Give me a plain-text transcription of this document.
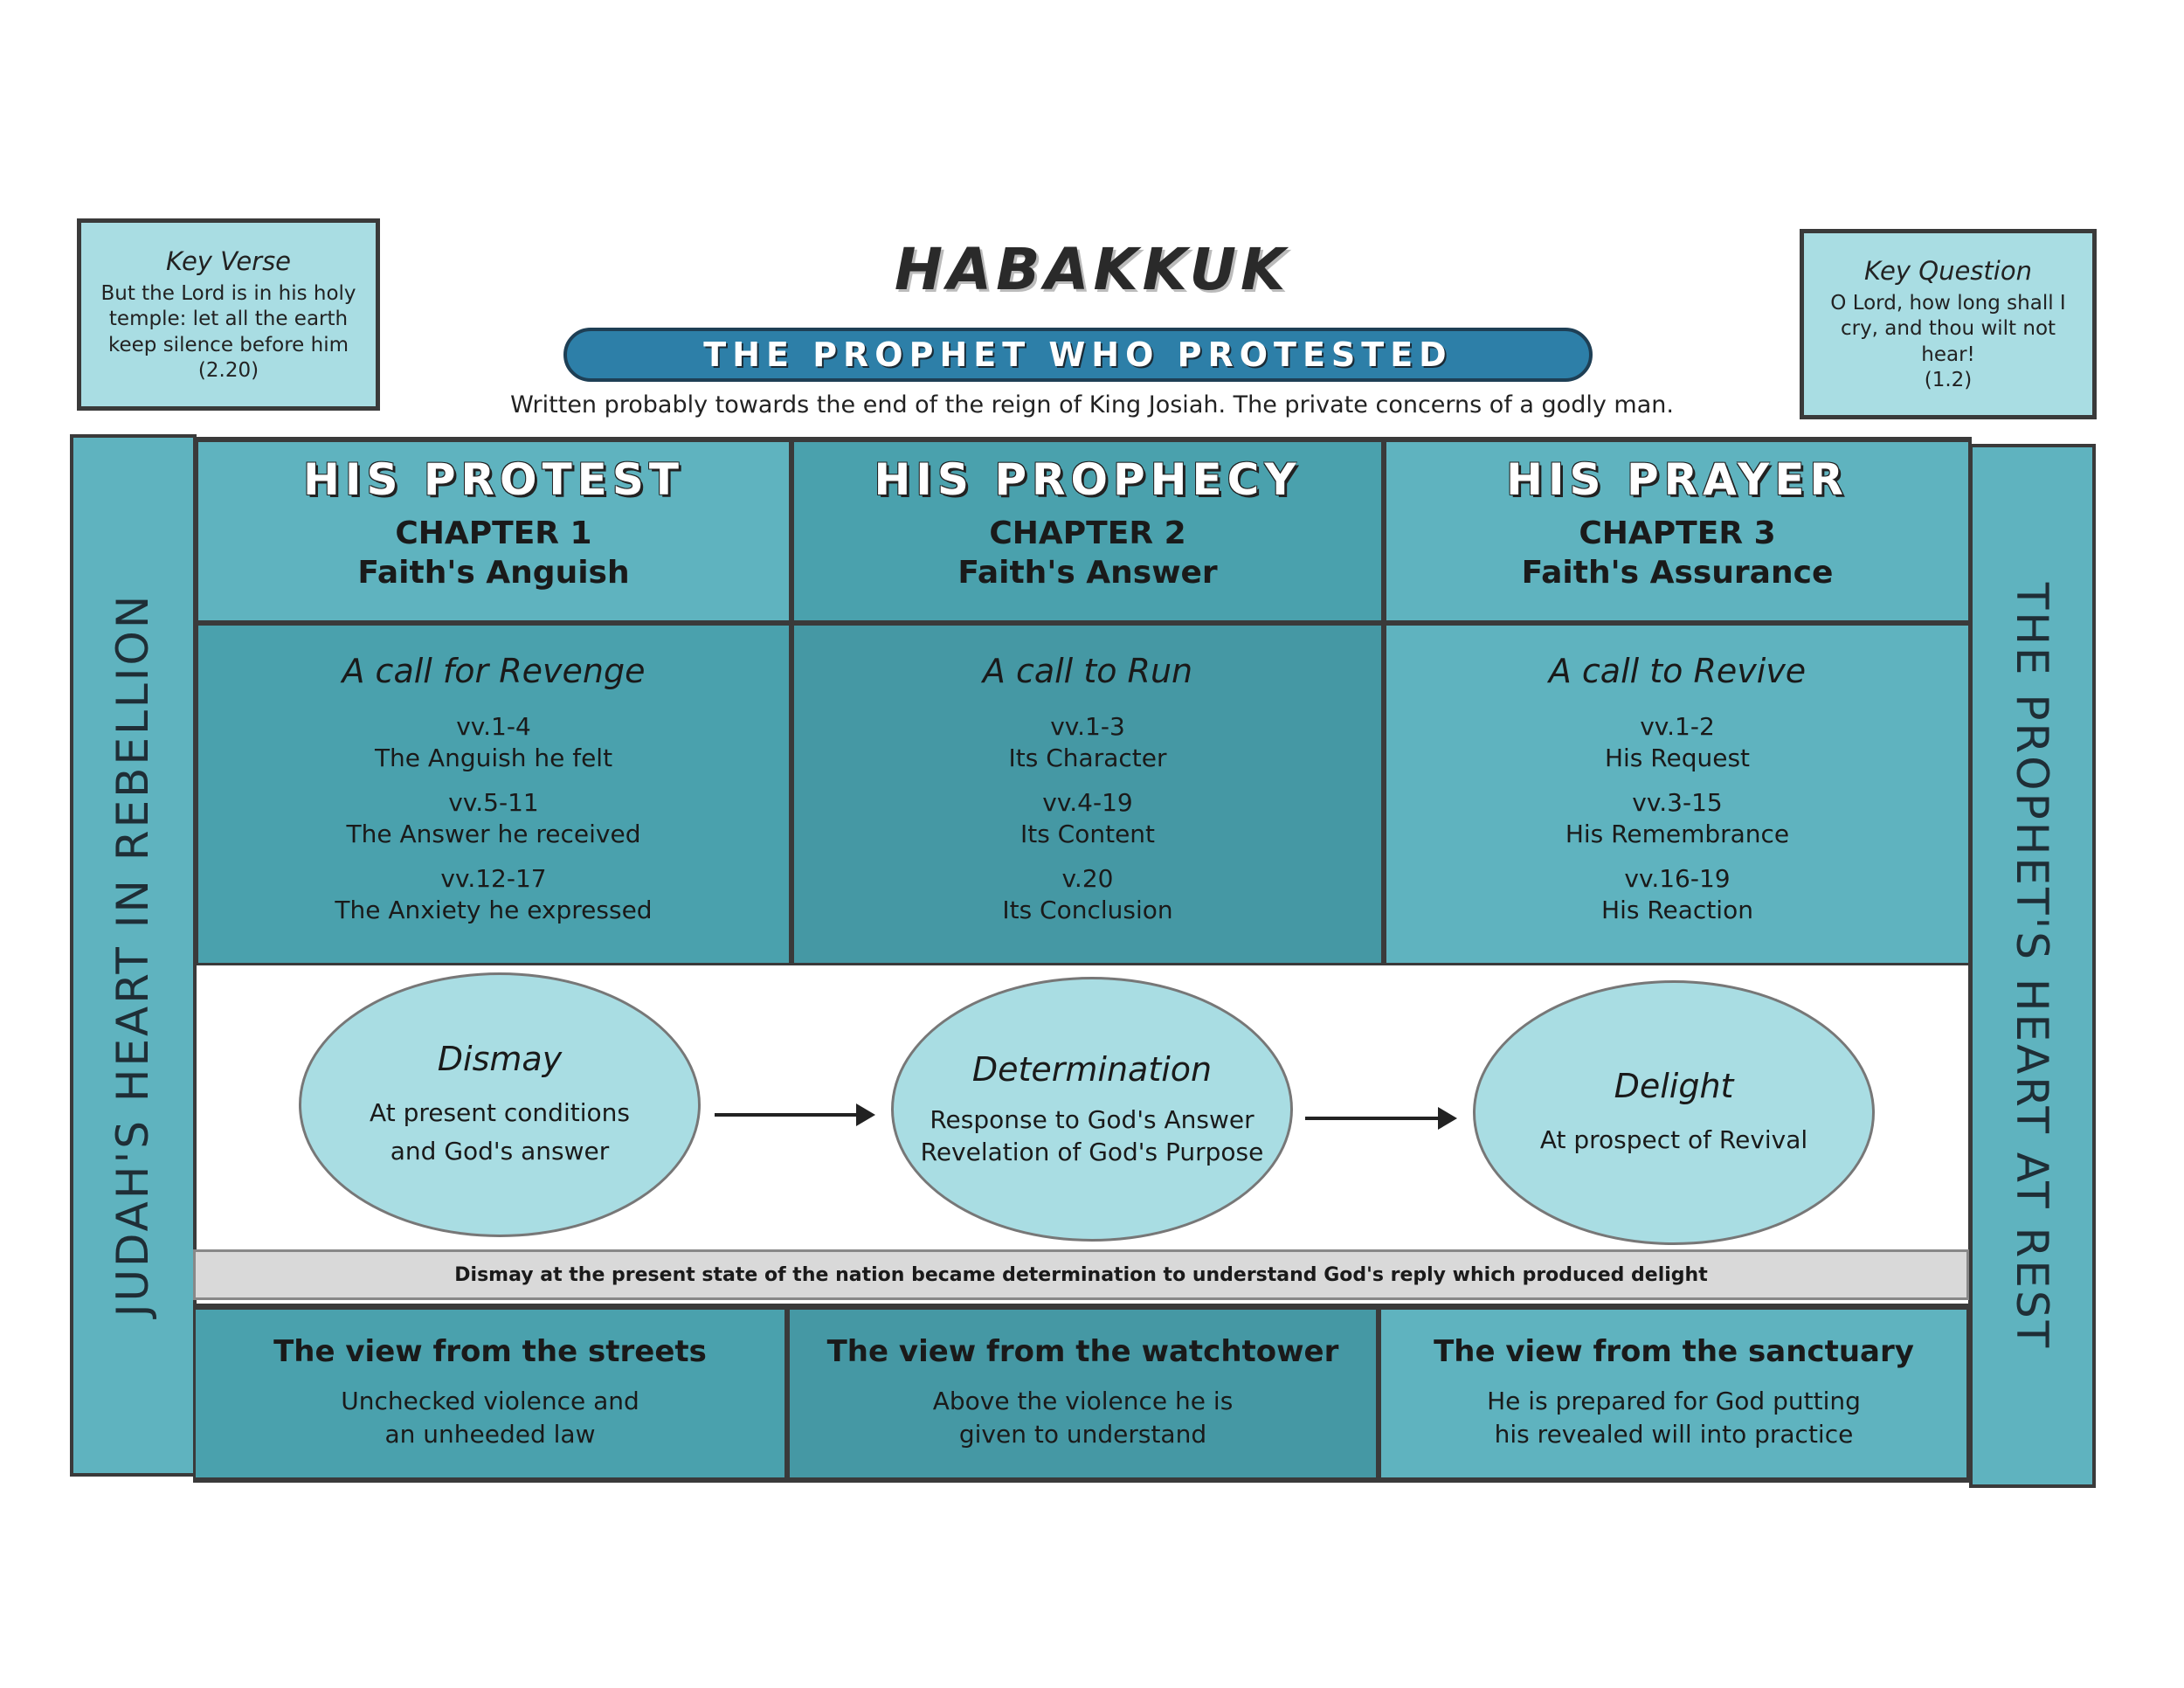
Key Verse
But the Lord is in his holy temple: let all the earth keep silence before him
(2.20)
Key Question
O Lord, how long shall I cry, and thou wilt not hear!
(1.2)
HABAKKUK
THE PROPHET WHO PROTESTED
Written probably towards the end of the reign of King Josiah. The private concerns of a godly man.
JUDAH'S HEART IN REBELLION	THE PROPHET'S HEART AT REST
HIS PROTEST
CHAPTER 1
Faith's Anguish
HIS PROPHECY
CHAPTER 2
Faith's Answer
HIS PRAYER
CHAPTER 3
Faith's Assurance
A call for Revenge
vv.1-4
The Anguish he felt
vv.5-11
The Answer he received
vv.12-17
The Anxiety he expressed
A call to Run
vv.1-3
Its Character
vv.4-19
Its Content
v.20
Its Conclusion
A call to Revive
vv.1-2
His Request
vv.3-15
His Remembrance
vv.16-19
His Reaction
Dismay
At present conditions
and God's answer
Determination
Response to God's Answer
Revelation of God's Purpose
Delight
At prospect of Revival
Dismay at the present state of the nation became determination to understand God's reply which produced delight
The view from the streets
Unchecked violence and
an unheeded law
The view from the watchtower
Above the violence he is
given to understand
The view from the sanctuary
He is prepared for God putting
his revealed will into practice
